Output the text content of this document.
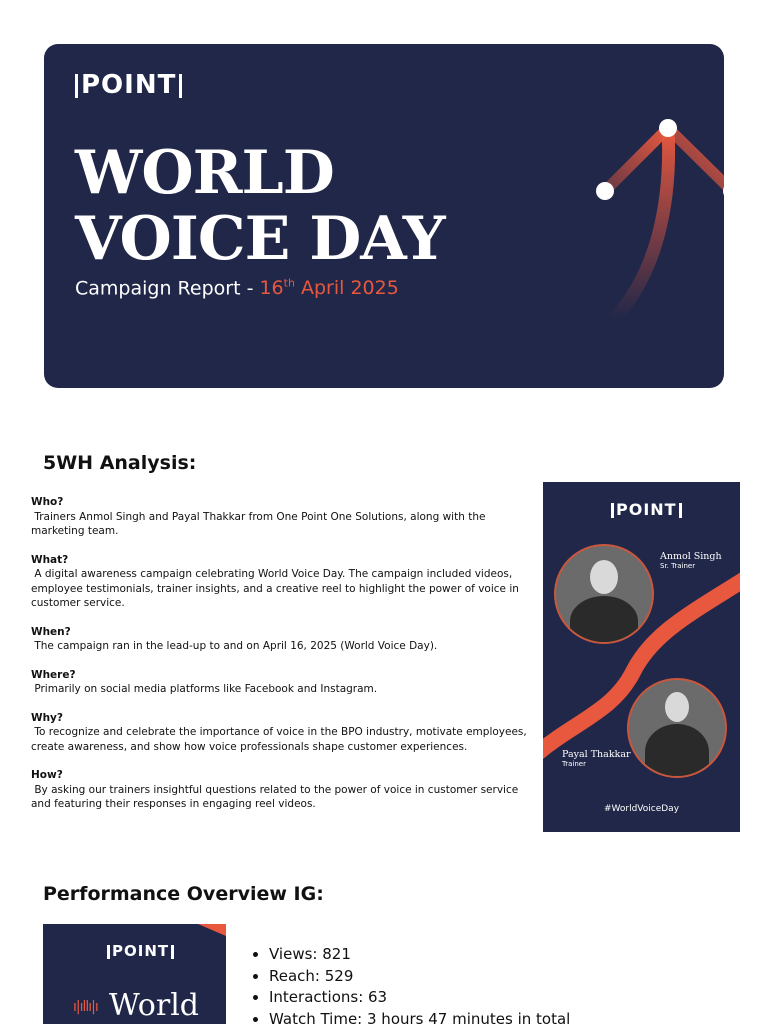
POINT
WORLD
VOICE DAY
Campaign Report - 16th April 2025
5WH Analysis:
Who?
Trainers Anmol Singh and Payal Thakkar from One Point One Solutions, along with the marketing team.
What?
A digital awareness campaign celebrating World Voice Day. The campaign included videos, employee testimonials, trainer insights, and a creative reel to highlight the power of voice in customer service.
When?
The campaign ran in the lead-up to and on April 16, 2025 (World Voice Day).
Where?
Primarily on social media platforms like Facebook and Instagram.
Why?
To recognize and celebrate the importance of voice in the BPO industry, motivate employees, create awareness, and show how voice professionals shape customer experiences.
How?
By asking our trainers insightful questions related to the power of voice in customer service and featuring their responses in engaging reel videos.
POINT
Anmol Singh
Sr. Trainer
Payal Thakkar
Trainer
#WorldVoiceDay
Performance Overview IG:
POINT
ı|ıllı|ı World
• Views: 821
• Reach: 529
• Interactions: 63
• Watch Time: 3 hours 47 minutes in total
